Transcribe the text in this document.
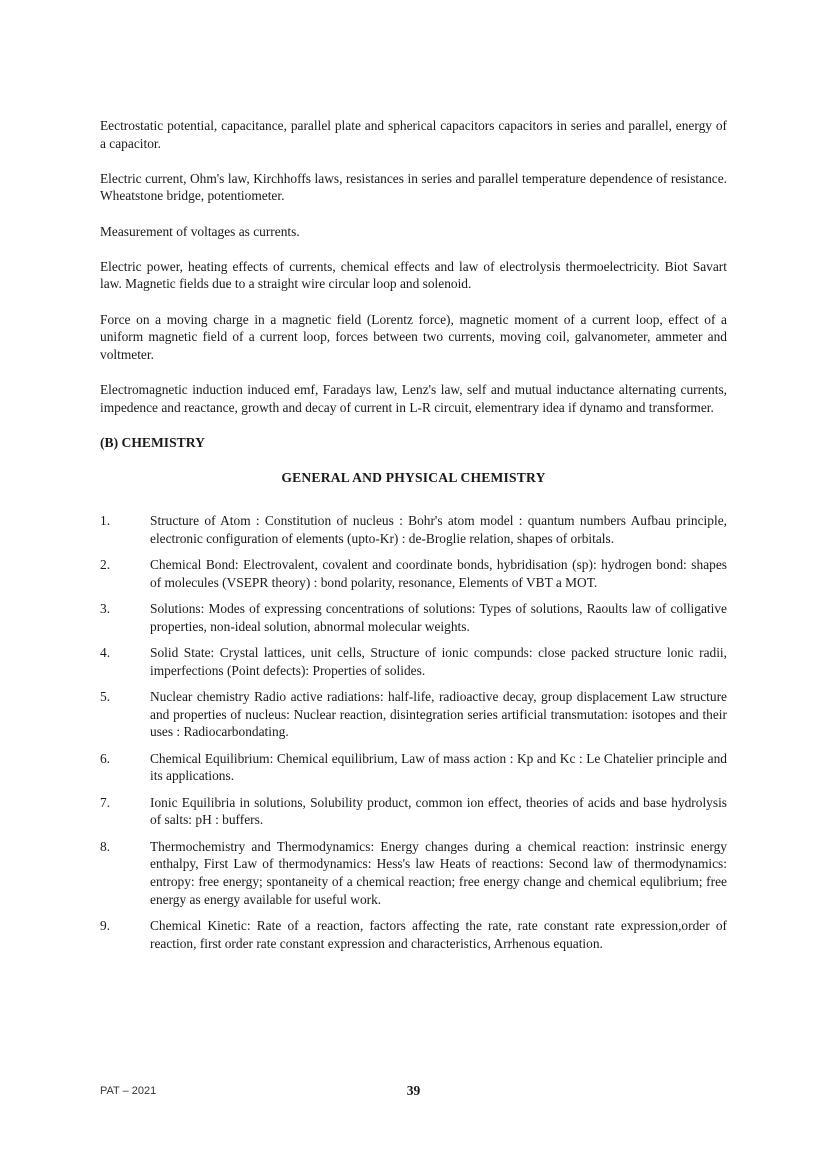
Eectrostatic potential, capacitance, parallel plate and spherical capacitors capacitors in series and parallel, energy of a capacitor.

Electric current, Ohm's law, Kirchhoffs laws, resistances in series and parallel temperature dependence of resistance. Wheatstone bridge, potentiometer.

Measurement of voltages as currents.

Electric power, heating effects of currents, chemical effects and law of electrolysis thermoelectricity. Biot Savart law. Magnetic fields due to a straight wire circular loop and solenoid.

Force on a moving charge in a magnetic field (Lorentz force), magnetic moment of a current loop, effect of a uniform magnetic field of a current loop, forces between two currents, moving coil, galvanometer, ammeter and voltmeter.

Electromagnetic induction induced emf, Faradays law, Lenz's law, self and mutual inductance alternating currents, impedence and reactance, growth and decay of current in L-R circuit, elementrary idea if dynamo and transformer.

(B) CHEMISTRY
GENERAL AND PHYSICAL CHEMISTRY
1.	Structure of Atom : Constitution of nucleus : Bohr's atom model : quantum numbers Aufbau principle, electronic configuration of elements (upto-Kr) : de-Broglie relation, shapes of orbitals.
2.	Chemical Bond: Electrovalent, covalent and coordinate bonds, hybridisation (sp): hydrogen bond: shapes of molecules (VSEPR theory) : bond polarity, resonance, Elements of VBT a MOT.
3.	Solutions: Modes of expressing concentrations of solutions: Types of solutions, Raoults law of colligative properties, non-ideal solution, abnormal molecular weights.
4.	Solid State: Crystal lattices, unit cells, Structure of ionic compunds: close packed structure lonic radii, imperfections (Point defects): Properties of solides.
5.	Nuclear chemistry Radio active radiations: half-life, radioactive decay, group displacement Law structure and properties of nucleus: Nuclear reaction, disintegration series artificial transmutation: isotopes and their uses : Radiocarbondating.
6.	Chemical Equilibrium: Chemical equilibrium, Law of mass action : Kp and Kc : Le Chatelier principle and its applications.
7.	Ionic Equilibria in solutions, Solubility product, common ion effect, theories of acids and base hydrolysis of salts: pH : buffers.
8.	Thermochemistry and Thermodynamics: Energy changes during a chemical reaction: instrinsic energy enthalpy, First Law of thermodynamics: Hess's law Heats of reactions: Second law of thermodynamics: entropy: free energy; spontaneity of a chemical reaction; free energy change and chemical equlibrium; free energy as energy available for useful work.
9.	Chemical Kinetic: Rate of a reaction, factors affecting the rate, rate constant rate expression,order of reaction, first order rate constant expression and characteristics, Arrhenous equation.
PAT – 2021	39
